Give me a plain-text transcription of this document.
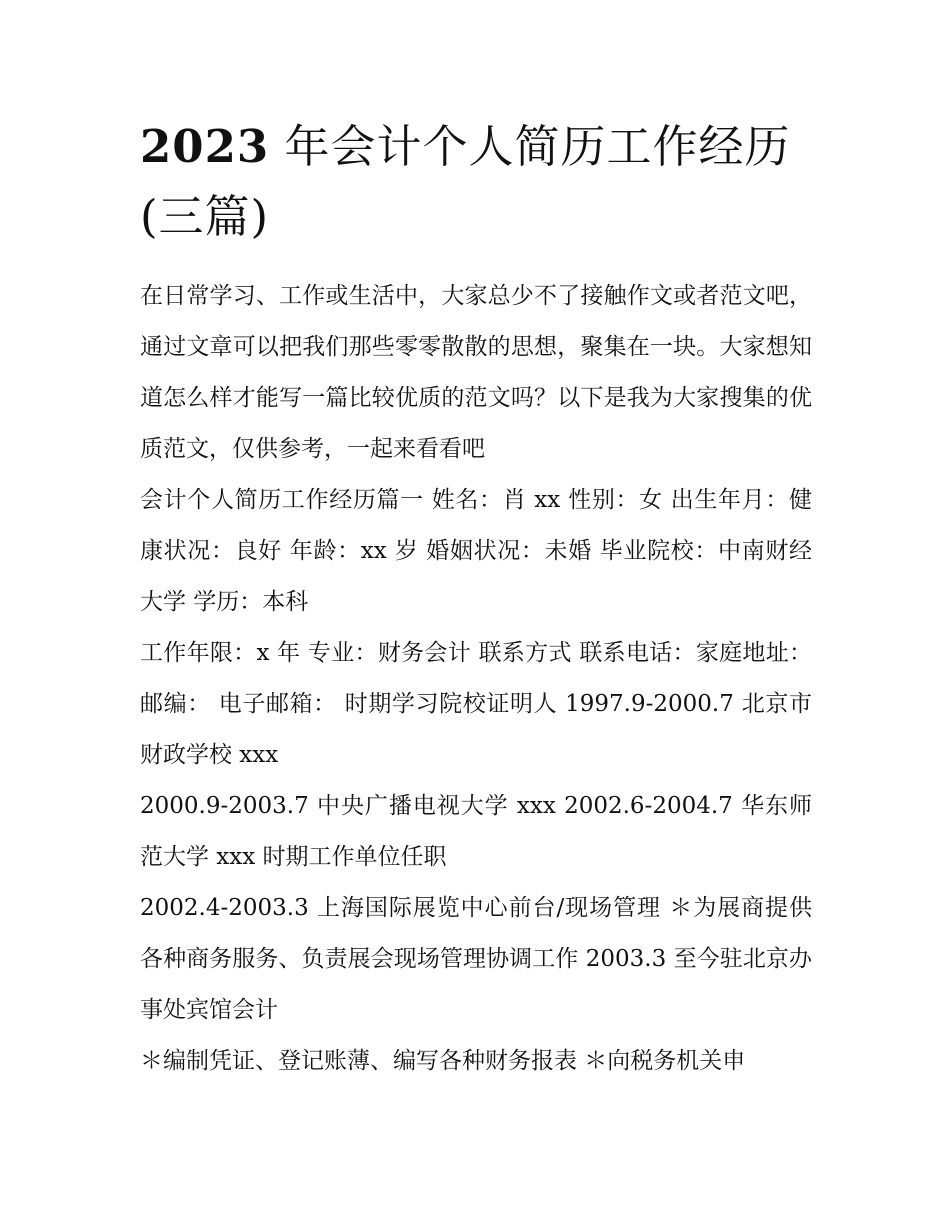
2023 年会计个人简历工作经历(三篇)

在日常学习、工作或生活中，大家总少不了接触作文或者范文吧，通过文章可以把我们那些零零散散的思想，聚集在一块。大家想知道怎么样才能写一篇比较优质的范文吗？以下是我为大家搜集的优质范文，仅供参考，一起来看看吧

会计个人简历工作经历篇一 姓名：肖 xx 性别：女 出生年月：健康状况：良好 年龄：xx 岁 婚姻状况：未婚 毕业院校：中南财经大学 学历：本科

工作年限：x 年 专业：财务会计 联系方式 联系电话：家庭地址：邮编： 电子邮箱： 时期学习院校证明人 1997.9-2000.7 北京市财政学校 xxx

2000.9-2003.7 中央广播电视大学 xxx 2002.6-2004.7 华东师范大学 xxx 时期工作单位任职

2002.4-2003.3 上海国际展览中心前台/现场管理 ＊为展商提供各种商务服务、负责展会现场管理协调工作 2003.3 至今驻北京办事处宾馆会计

＊编制凭证、登记账薄、编写各种财务报表 ＊向税务机关申
